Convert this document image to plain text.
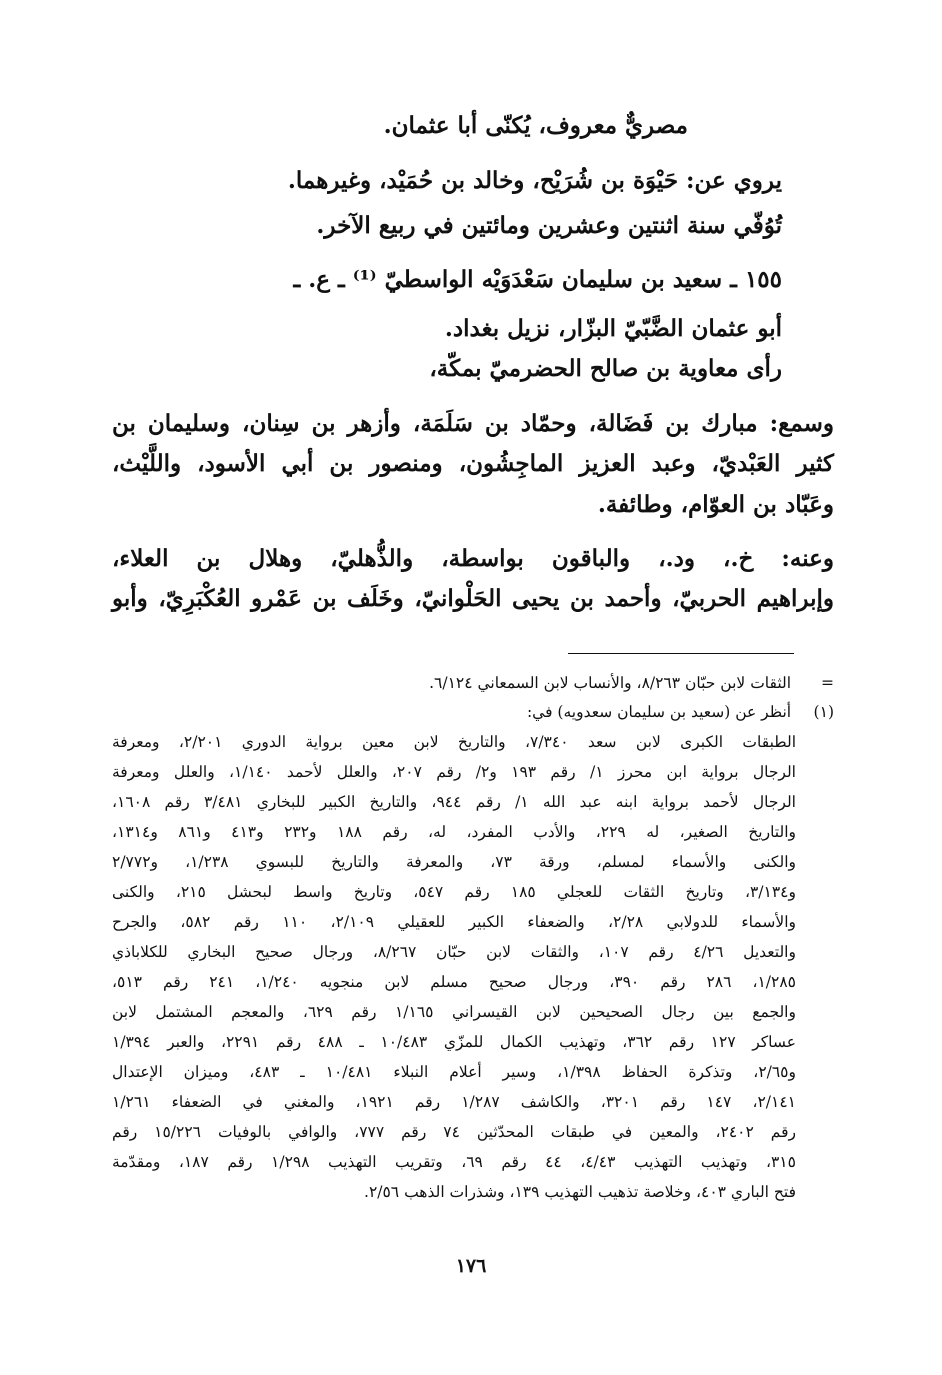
مصريٌّ معروف، يُكنّى أبا عثمان.
يروي عن: حَيْوَة بن شُرَيْح، وخالد بن حُمَيْد، وغيرهما.
تُوُفّي سنة اثنتين وعشرين ومائتين في ربيع الآخر.
١٥٥ ـ سعيد بن سليمان سَعْدَوَيْه الواسطيّ ⁽¹⁾ ـ ع. ـ
أبو عثمان الضَّبّيّ البزّار، نزيل بغداد.
رأى معاوية بن صالح الحضرميّ بمكّة،
وسمع: مبارك بن فَضَالة، وحمّاد بن سَلَمَة، وأزهر بن سِنان، وسليمان بن
كثير العَبْديّ، وعبد العزيز الماجِشُون، ومنصور بن أبي الأسود، واللَّيْث،
وعَبّاد بن العوّام، وطائفة.
وعنه: خ.، ود.، والباقون بواسطة، والذُّهليّ، وهلال بن العلاء،
وإبراهيم الحربيّ، وأحمد بن يحيى الحَلْوانيّ، وخَلَف بن عَمْرو العُكْبَرِيّ، وأبو
= الثقات لابن حبّان ٨/٢٦٣، والأنساب لابن السمعاني ٦/١٢٤.
(١) أنظر عن (سعيد بن سليمان سعدويه) في:
الطبقات الكبرى لابن سعد ٧/٣٤٠، والتاريخ لابن معين برواية الدوري ٢/٢٠١، ومعرفة
الرجال برواية ابن محرز ١/ رقم ١٩٣ و٢/ رقم ٢٠٧، والعلل لأحمد ١/١٤٠، والعلل ومعرفة
الرجال لأحمد برواية ابنه عبد الله ١/ رقم ٩٤٤، والتاريخ الكبير للبخاري ٣/٤٨١ رقم ١٦٠٨،
والتاريخ الصغير، له ٢٢٩، والأدب المفرد، له، رقم ١٨٨ و٢٣٢ و٤١٣ و٨٦١ و١٣١٤،
والكنى والأسماء لمسلم، ورقة ٧٣، والمعرفة والتاريخ للبسوي ١/٢٣٨، و٢/٧٧٢
و٣/١٣٤، وتاريخ الثقات للعجلي ١٨٥ رقم ٥٤٧، وتاريخ واسط لبحشل ٢١٥، والكنى
والأسماء للدولابي ٢/٢٨، والضعفاء الكبير للعقيلي ٢/١٠٩، ١١٠ رقم ٥٨٢، والجرح
والتعديل ٤/٢٦ رقم ١٠٧، والثقات لابن حبّان ٨/٢٦٧، ورجال صحيح البخاري للكلاباذي
١/٢٨٥، ٢٨٦ رقم ٣٩٠، ورجال صحيح مسلم لابن منجويه ١/٢٤٠، ٢٤١ رقم ٥١٣،
والجمع بين رجال الصحيحين لابن القيسراني ١/١٦٥ رقم ٦٢٩، والمعجم المشتمل لابن
عساكر ١٢٧ رقم ٣٦٢، وتهذيب الكمال للمزّي ١٠/٤٨٣ ـ ٤٨٨ رقم ٢٢٩١، والعبر ١/٣٩٤
و٢/٦٥، وتذكرة الحفاظ ١/٣٩٨، وسير أعلام النبلاء ١٠/٤٨١ ـ ٤٨٣، وميزان الإعتدال
٢/١٤١، ١٤٧ رقم ٣٢٠١، والكاشف ١/٢٨٧ رقم ١٩٢١، والمغني في الضعفاء ١/٢٦١
رقم ٢٤٠٢، والمعين في طبقات المحدّثين ٧٤ رقم ٧٧٧، والوافي بالوفيات ١٥/٢٢٦ رقم
٣١٥، وتهذيب التهذيب ٤/٤٣، ٤٤ رقم ٦٩، وتقريب التهذيب ١/٢٩٨ رقم ١٨٧، ومقدّمة
فتح الباري ٤٠٣، وخلاصة تذهيب التهذيب ١٣٩، وشذرات الذهب ٢/٥٦.
١٧٦
